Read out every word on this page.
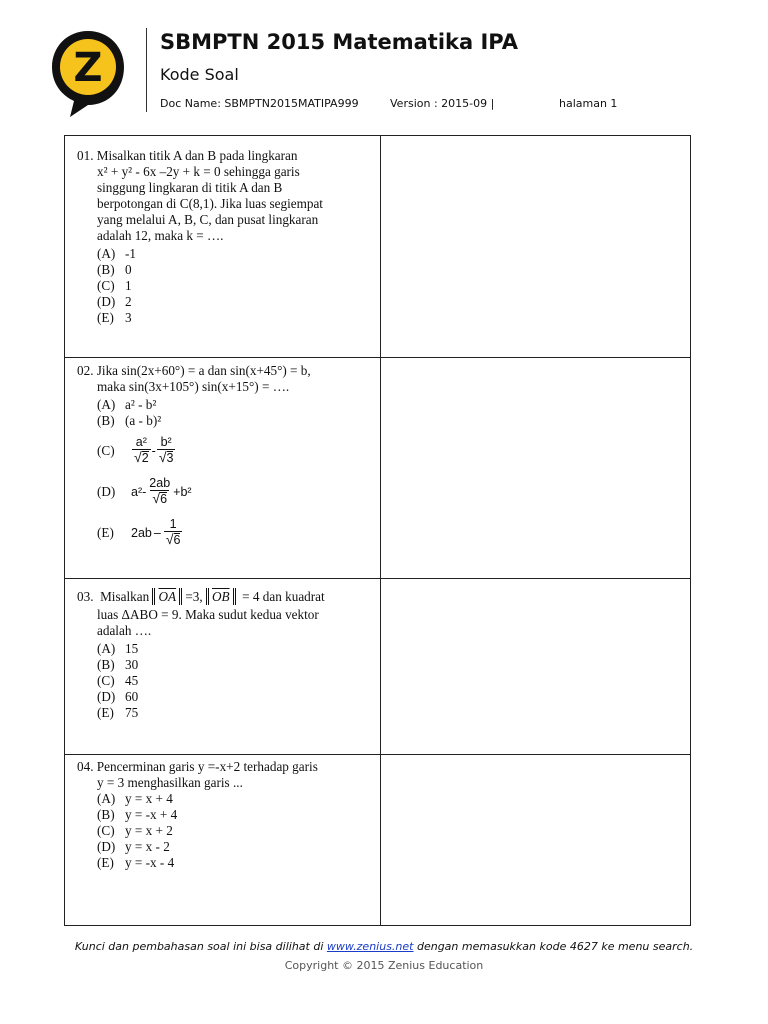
Z
SBMPTN 2015 Matematika IPA
Kode Soal
Doc Name: SBMPTN2015MATIPA999	Version : 2015-09 |	halaman 1
01. Misalkan titik A dan B pada lingkaran
x² + y² - 6x –2y + k = 0 sehingga garis
singgung lingkaran di titik A dan B
berpotongan di C(8,1). Jika luas segiempat
yang melalui A, B, C, dan pusat lingkaran
adalah 12, maka k = ….
(A) -1
(B) 0
(C) 1
(D) 2
(E) 3
02. Jika sin(2x+60°) = a dan sin(x+45°) = b,
maka sin(3x+105°) sin(x+15°) = ….
(A) a² - b²
(B) (a - b)²
(C)	$\frac{\text{a²}}{√ 2} - \frac{\text{b²}}{√ 3}$
(D)	$a^2 - \frac{2ab}{√ 6} +b^2$
(E)	$2ab - \frac{1}{√ 6}$
03. Misalkan $\overline{OA} =3$, $\overline{OB} = 4$ dan kuadrat
luas ΔABO = 9. Maka sudut kedua vektor
adalah ….
(A) 15
(B) 30
(C) 45
(D) 60
(E) 75
04. Pencerminan garis y =-x+2 terhadap garis
y = 3 menghasilkan garis ...
(A) y = x + 4
(B) y = -x + 4
(C) y = x + 2
(D) y = x - 2
(E) y = -x - 4
Kunci dan pembahasan soal ini bisa dilihat di www.zenius.net dengan memasukkan kode 4627 ke menu search.
Copyright © 2015 Zenius Education
